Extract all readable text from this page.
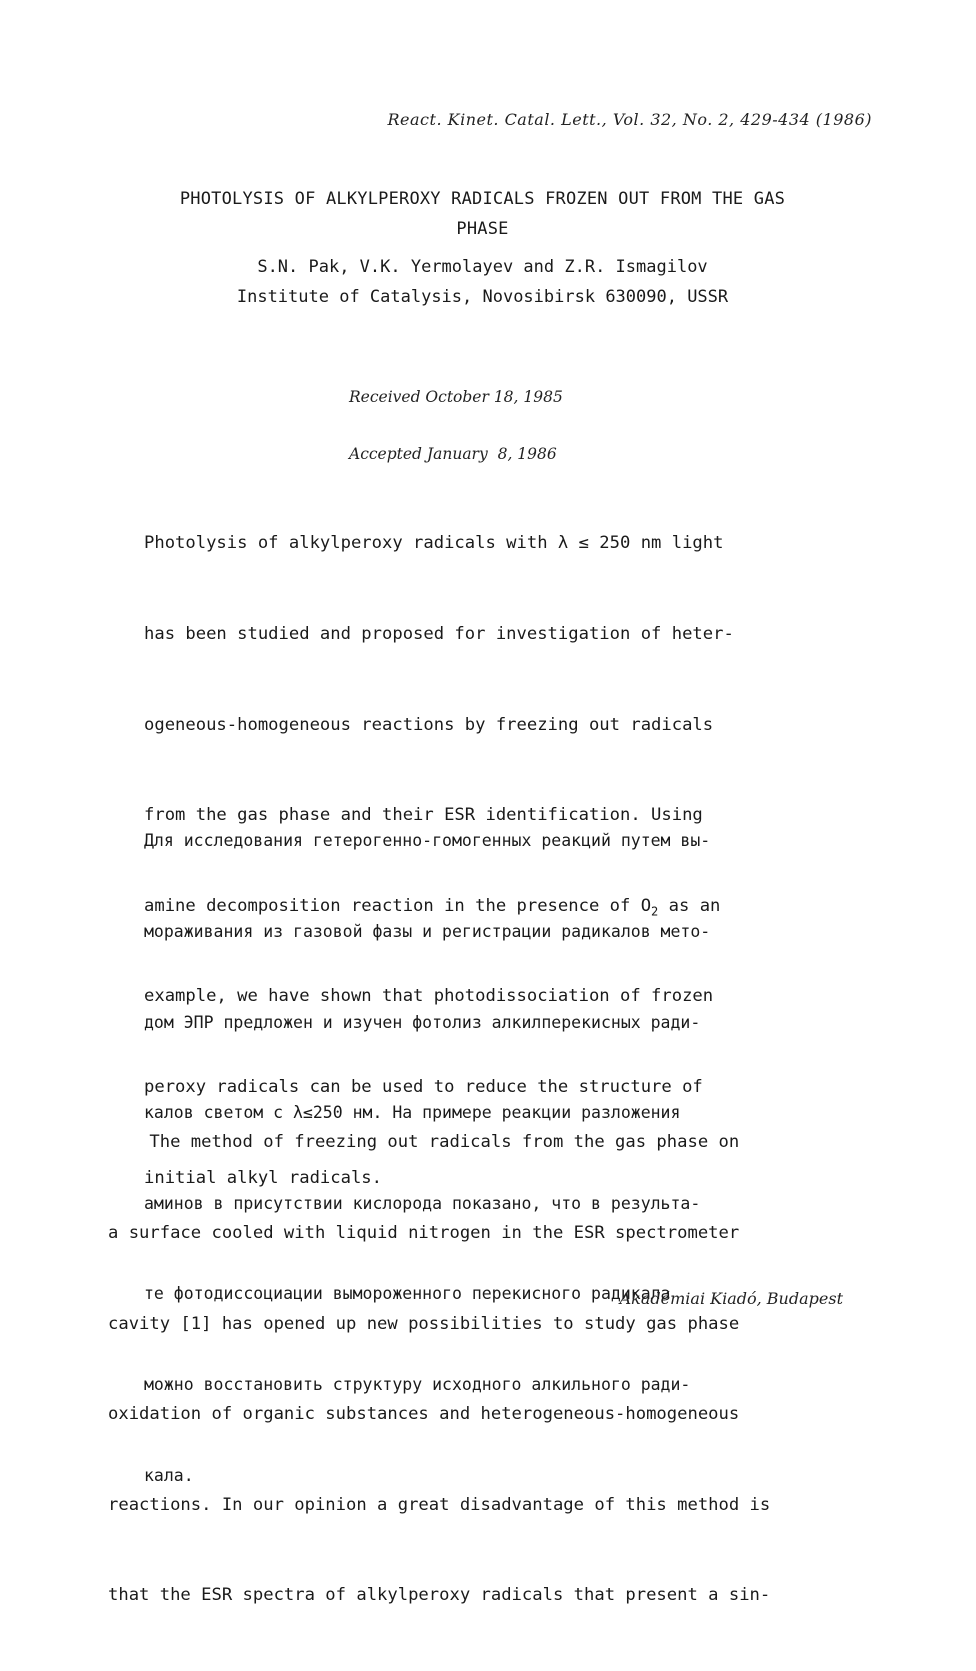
React. Kinet. Catal. Lett., Vol. 32, No. 2, 429-434 (1986)
PHOTOLYSIS OF ALKYLPEROXY RADICALS FROZEN OUT FROM THE GAS
PHASE
S.N. Pak, V.K. Yermolayev and Z.R. Ismagilov
Institute of Catalysis, Novosibirsk 630090, USSR

Received October 18, 1985

Accepted January  8, 1986

Photolysis of alkylperoxy radicals with λ ≤ 250 nm light

has been studied and proposed for investigation of heter-

ogeneous-homogeneous reactions by freezing out radicals

from the gas phase and their ESR identification. Using

amine decomposition reaction in the presence of $O_2$ as an

example, we have shown that photodissociation of frozen

peroxy radicals can be used to reduce the structure of

initial alkyl radicals.

Для исследования гетерогенно-гомогенных реакций путем вы-

мораживания из газовой фазы и регистрации радикалов мето-

дом ЭПР предложен и изучен фотолиз алкилперекисных ради-

калов светом с λ≤250 нм. На примере реакции разложения

аминов в присутствии кислорода показано, что в результа-

те фотодиссоциации вымороженного перекисного радикала

можно восстановить структуру исходного алкильного ради-

кала.

The method of freezing out radicals from the gas phase on

a surface cooled with liquid nitrogen in the ESR spectrometer

cavity [1] has opened up new possibilities to study gas phase

oxidation of organic substances and heterogeneous-homogeneous

reactions. In our opinion a great disadvantage of this method is

that the ESR spectra of alkylperoxy radicals that present a sin-

Akadémiai Kiadó, Budapest
